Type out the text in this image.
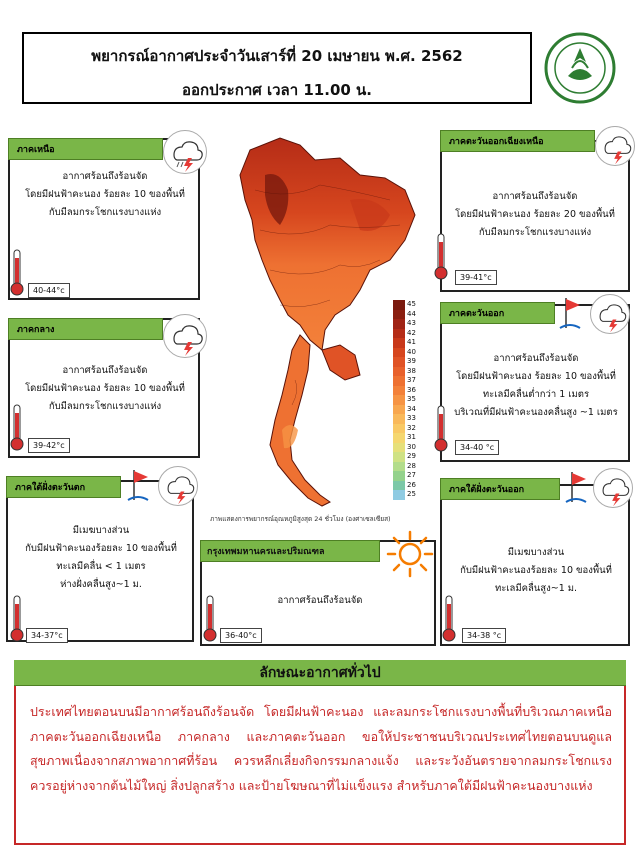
พยากรณ์อากาศประจำวันเสาร์ที่ 20 เมษายน พ.ศ. 2562
ออกประกาศ เวลา 11.00 น.
ภาคเหนือ
อากาศร้อนถึงร้อนจัด
โดยมีฝนฟ้าคะนอง ร้อยละ 10 ของพื้นที่
กับมีลมกระโชกแรงบางแห่ง
40-44°c
ภาคตะวันออกเฉียงเหนือ
อากาศร้อนถึงร้อนจัด
โดยมีฝนฟ้าคะนอง ร้อยละ 20 ของพื้นที่
กับมีลมกระโชกแรงบางแห่ง
39-41°c
ภาคกลาง
อากาศร้อนถึงร้อนจัด
โดยมีฝนฟ้าคะนอง ร้อยละ 10 ของพื้นที่
กับมีลมกระโชกแรงบางแห่ง
39-42°c
ภาคตะวันออก
อากาศร้อนถึงร้อนจัด
โดยมีฝนฟ้าคะนอง ร้อยละ 10 ของพื้นที่
ทะเลมีคลื่นต่ำกว่า 1 เมตร
บริเวณที่มีฝนฟ้าคะนองคลื่นสูง ~1 เมตร
34-40 °c
ภาคใต้ฝั่งตะวันตก
มีเมฆบางส่วน
กับมีฝนฟ้าคะนองร้อยละ 10 ของพื้นที่
ทะเลมีคลื่น < 1 เมตร
ห่างฝั่งคลื่นสูง~1 ม.
34-37°c
กรุงเทพมหานครและปริมณฑล
อากาศร้อนถึงร้อนจัด
36-40°c
ภาคใต้ฝั่งตะวันออก
มีเมฆบางส่วน
กับมีฝนฟ้าคะนองร้อยละ 10 ของพื้นที่
ทะเลมีคลื่นสูง~1 ม.
34-38 °c
45
44
43
42
41
40
39
38
37
36
35
34
33
32
31
30
29
28
27
26
25
ภาพแสดงการพยากรณ์อุณหภูมิสูงสุด 24 ชั่วโมง (องศาเซลเซียส)
ลักษณะอากาศทั่วไป
ประเทศไทยตอนบนมีอากาศร้อนถึงร้อนจัด โดยมีฝนฟ้าคะนอง และลมกระโชกแรงบางพื้นที่บริเวณภาคเหนือ ภาคตะวันออกเฉียงเหนือ ภาคกลาง และภาคตะวันออก ขอให้ประชาชนบริเวณประเทศไทยตอนบนดูแลสุขภาพเนื่องจากสภาพอากาศที่ร้อน ควรหลีกเลี่ยงกิจกรรมกลางแจ้ง และระวังอันตรายจากลมกระโชกแรง ควรอยู่ห่างจากต้นไม้ใหญ่ สิ่งปลูกสร้าง และป้ายโฆษณาที่ไม่แข็งแรง สำหรับภาคใต้มีฝนฟ้าคะนองบางแห่ง
